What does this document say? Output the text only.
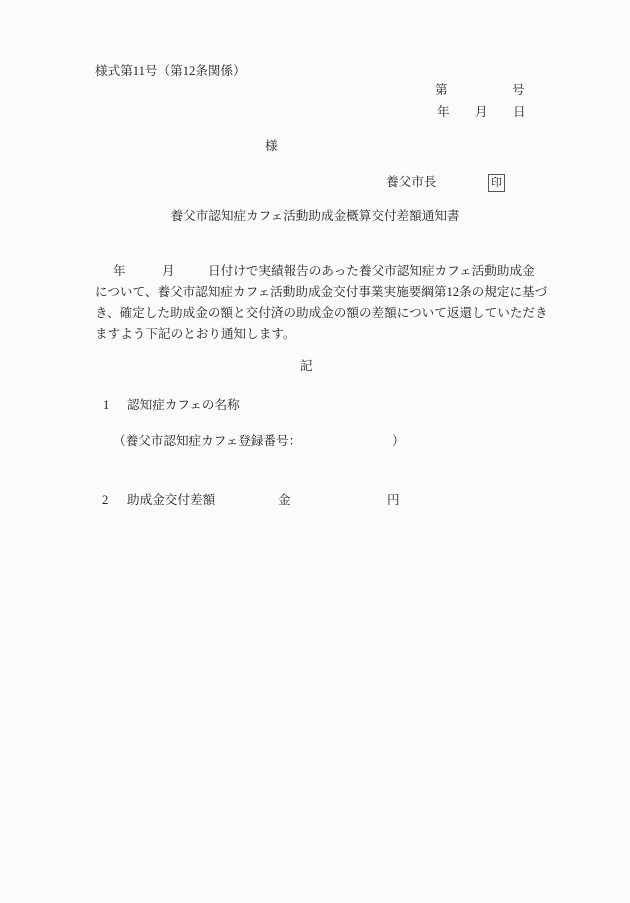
様式第11号（第12条関係）
第	号
年 月 日
様
養父市長	印
養父市認知症カフェ活動助成金概算交付差額通知書
年	月	日付けで実績報告のあった養父市認知症カフェ活動助成金
について、養父市認知症カフェ活動助成金交付事業実施要綱第12条の規定に基づ
き、確定した助成金の額と交付済の助成金の額の差額について返還していただき
ますよう下記のとおり通知します。
記
1 認知症カフェの名称
（養父市認知症カフェ登録番号：	）
2 助成金交付差額	金	円
